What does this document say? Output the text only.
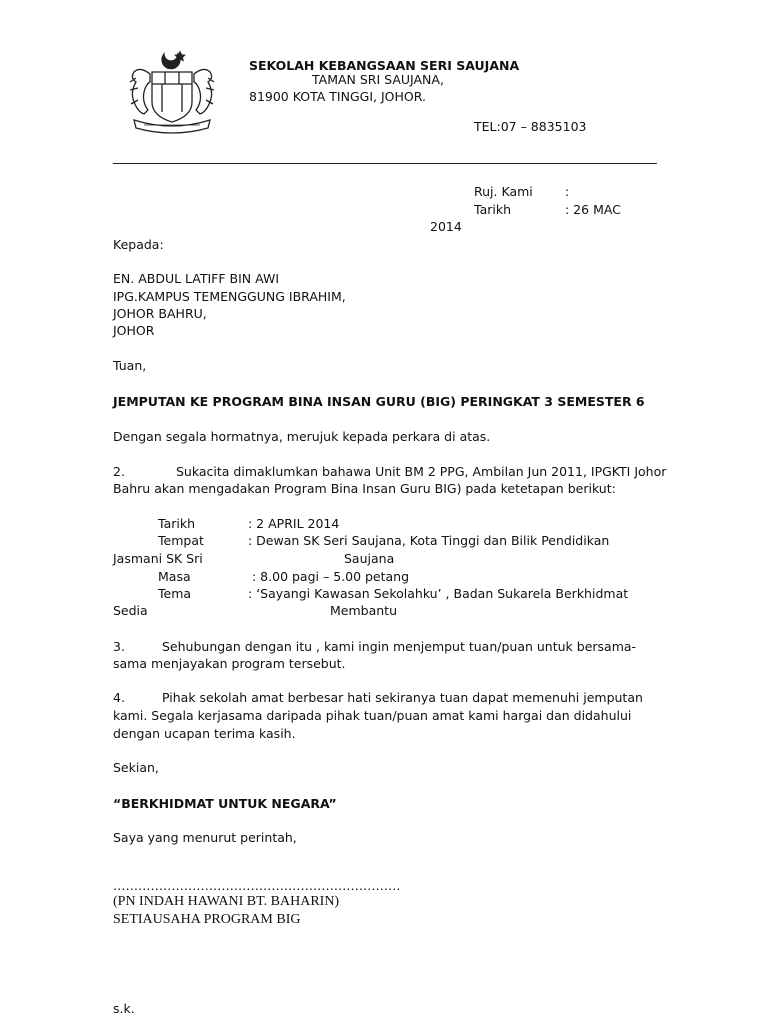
SEKOLAH KEBANGSAAN SERI SAUJANA
TAMAN SRI SAUJANA,
81900 KOTA TINGGI, JOHOR.
TEL:07 – 8835103
Ruj. Kami	:
Tarikh	: 26 MAC
2014
Kepada:
EN. ABDUL LATIFF BIN AWI
IPG.KAMPUS TEMENGGUNG IBRAHIM,
JOHOR BAHRU,
JOHOR
Tuan,
JEMPUTAN KE PROGRAM BINA INSAN GURU (BIG) PERINGKAT 3 SEMESTER 6
Dengan segala hormatnya, merujuk kepada perkara di atas.
2.	Sukacita dimaklumkan bahawa Unit BM 2 PPG, Ambilan Jun 2011, IPGKTI Johor
Bahru akan mengadakan Program Bina Insan Guru BIG) pada ketetapan berikut:
Tarikh	: 2 APRIL 2014
Tempat	: Dewan SK Seri Saujana, Kota Tinggi dan Bilik Pendidikan
Jasmani SK Sri	Saujana
Masa	: 8.00 pagi – 5.00 petang
Tema	: ‘Sayangi Kawasan Sekolahku’ , Badan Sukarela Berkhidmat
Sedia	Membantu
3.	Sehubungan dengan itu , kami ingin menjemput tuan/puan untuk bersama-
sama menjayakan program tersebut.
4.	Pihak sekolah amat berbesar hati sekiranya tuan dapat memenuhi jemputan
kami. Segala kerjasama daripada pihak tuan/puan amat kami hargai dan didahului
dengan ucapan terima kasih.
Sekian,
“BERKHIDMAT UNTUK NEGARA”
Saya yang menurut perintah,
……………………………………………………………
(PN INDAH HAWANI BT. BAHARIN)
SETIAUSAHA PROGRAM BIG
s.k.
